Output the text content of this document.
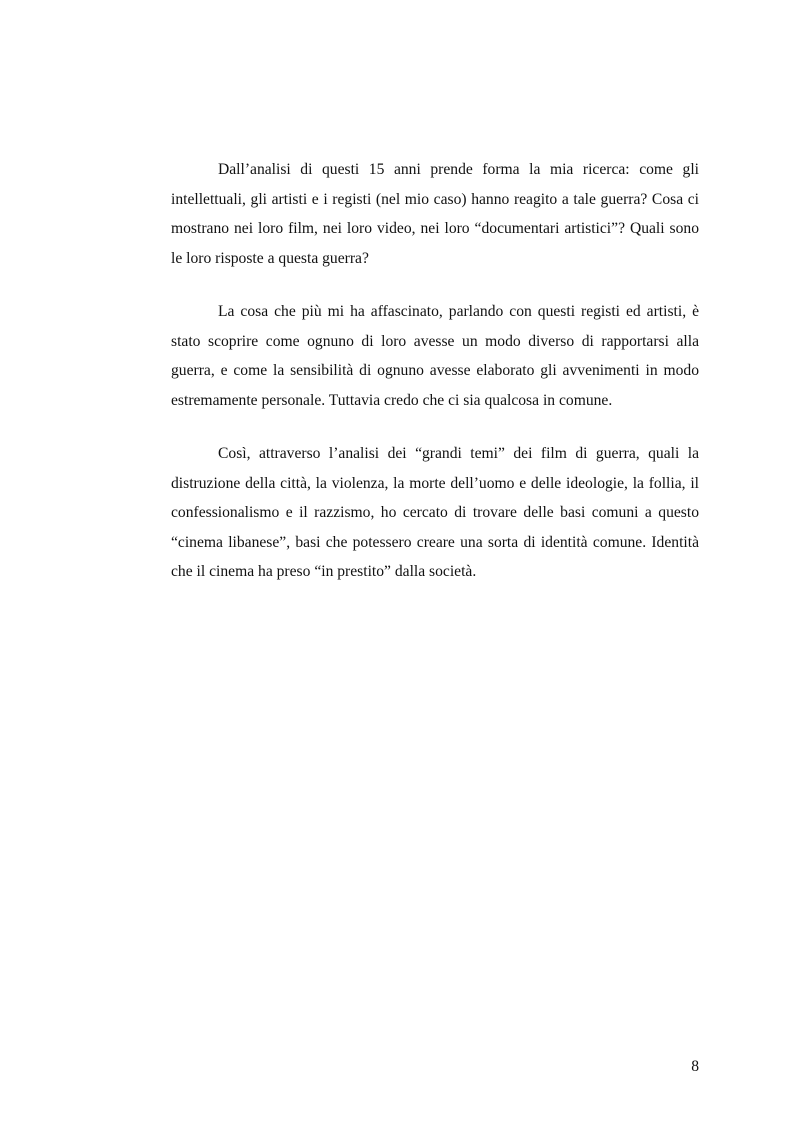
Dall’analisi di questi 15 anni prende forma la mia ricerca: come gli intellettuali, gli artisti e i registi (nel mio caso) hanno reagito a tale guerra? Cosa ci mostrano nei loro film, nei loro video, nei loro “documentari artistici”? Quali sono le loro risposte a questa guerra?

La cosa che più mi ha affascinato, parlando con questi registi ed artisti, è stato scoprire come ognuno di loro avesse un modo diverso di rapportarsi alla guerra, e come la sensibilità di ognuno avesse elaborato gli avvenimenti in modo estremamente personale. Tuttavia credo che ci sia qualcosa in comune.

Così, attraverso l’analisi dei “grandi temi” dei film di guerra, quali la distruzione della città, la violenza, la morte dell’uomo e delle ideologie, la follia, il confessionalismo e il razzismo, ho cercato di trovare delle basi comuni a questo “cinema libanese”, basi che potessero creare una sorta di identità comune. Identità che il cinema ha preso “in prestito” dalla società.

8
